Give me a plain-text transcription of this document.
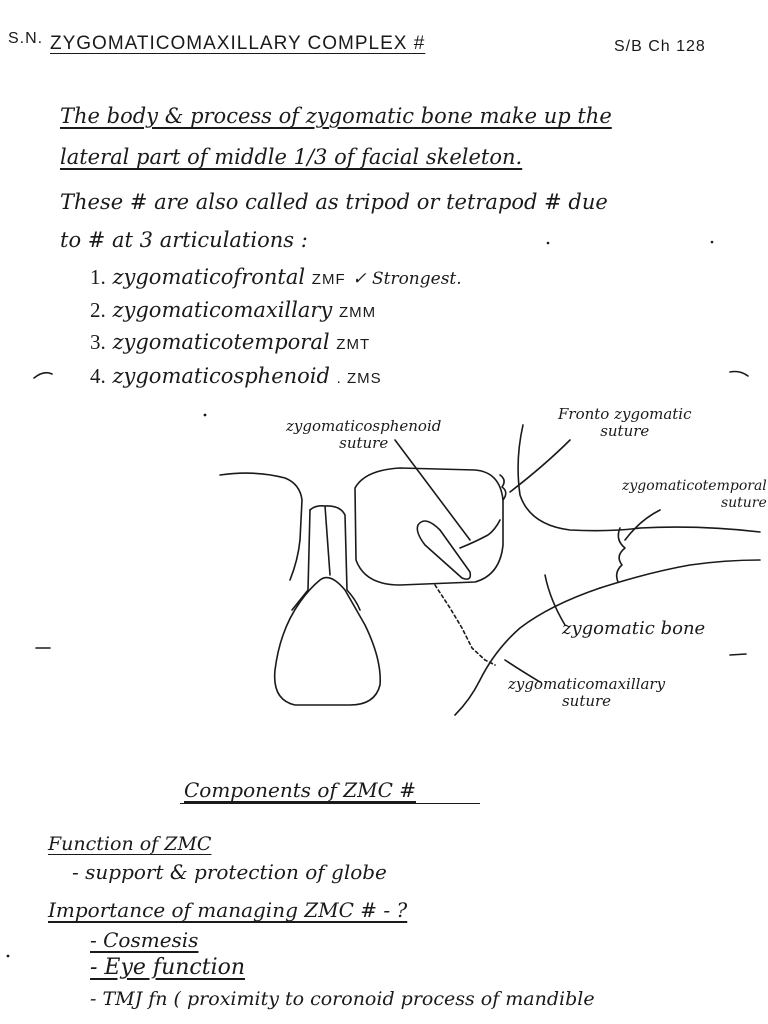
S.N. ZYGOMATICOMAXILLARY COMPLEX #	S/B Ch 128
The body & process of zygomatic bone make up the
lateral part of middle 1/3 of facial skeleton.
These # are also called as tripod or tetrapod # due
to # at 3 articulations :
1. zygomaticofrontal ZMF ✓ Strongest.
2. zygomaticomaxillary ZMM
3. zygomaticotemporal ZMT
4. zygomaticosphenoid . ZMS
zygomaticosphenoid
suture
Fronto zygomatic
suture
zygomaticotemporal
suture
zygomatic bone
zygomaticomaxillary
suture
Components of ZMC #
Function of ZMC
- support & protection of globe
Importance of managing ZMC # - ?
- Cosmesis
- Eye function
- TMJ fn ( proximity to coronoid process of mandible
